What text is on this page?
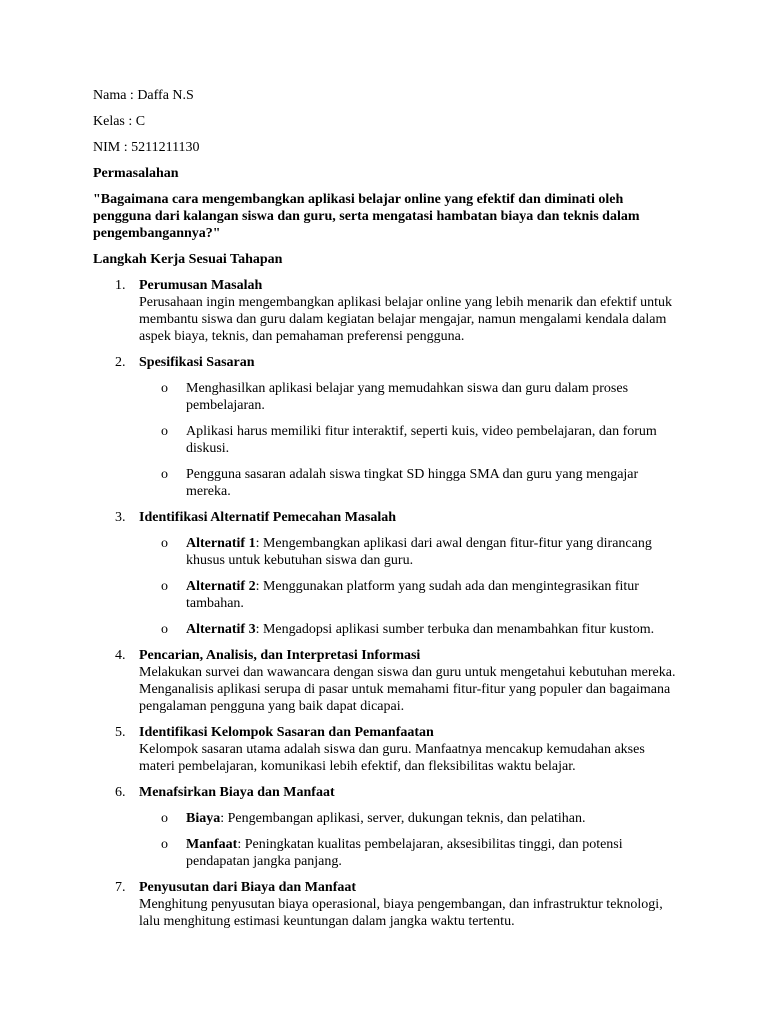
Nama : Daffa N.S

Kelas : C

NIM : 5211211130

Permasalahan

"Bagaimana cara mengembangkan aplikasi belajar online yang efektif dan diminati oleh pengguna dari kalangan siswa dan guru, serta mengatasi hambatan biaya dan teknis dalam pengembangannya?"

Langkah Kerja Sesuai Tahapan

1. Perumusan Masalah
Perusahaan ingin mengembangkan aplikasi belajar online yang lebih menarik dan efektif untuk membantu siswa dan guru dalam kegiatan belajar mengajar, namun mengalami kendala dalam aspek biaya, teknis, dan pemahaman preferensi pengguna.
2. Spesifikasi Sasaran
o Menghasilkan aplikasi belajar yang memudahkan siswa dan guru dalam proses pembelajaran.
o Aplikasi harus memiliki fitur interaktif, seperti kuis, video pembelajaran, dan forum diskusi.
o Pengguna sasaran adalah siswa tingkat SD hingga SMA dan guru yang mengajar mereka.
3. Identifikasi Alternatif Pemecahan Masalah
o Alternatif 1: Mengembangkan aplikasi dari awal dengan fitur-fitur yang dirancang khusus untuk kebutuhan siswa dan guru.
o Alternatif 2: Menggunakan platform yang sudah ada dan mengintegrasikan fitur tambahan.
o Alternatif 3: Mengadopsi aplikasi sumber terbuka dan menambahkan fitur kustom.
4. Pencarian, Analisis, dan Interpretasi Informasi
Melakukan survei dan wawancara dengan siswa dan guru untuk mengetahui kebutuhan mereka. Menganalisis aplikasi serupa di pasar untuk memahami fitur-fitur yang populer dan bagaimana pengalaman pengguna yang baik dapat dicapai.
5. Identifikasi Kelompok Sasaran dan Pemanfaatan
Kelompok sasaran utama adalah siswa dan guru. Manfaatnya mencakup kemudahan akses materi pembelajaran, komunikasi lebih efektif, dan fleksibilitas waktu belajar.
6. Menafsirkan Biaya dan Manfaat
o Biaya: Pengembangan aplikasi, server, dukungan teknis, dan pelatihan.
o Manfaat: Peningkatan kualitas pembelajaran, aksesibilitas tinggi, dan potensi pendapatan jangka panjang.
7. Penyusutan dari Biaya dan Manfaat
Menghitung penyusutan biaya operasional, biaya pengembangan, dan infrastruktur teknologi, lalu menghitung estimasi keuntungan dalam jangka waktu tertentu.
